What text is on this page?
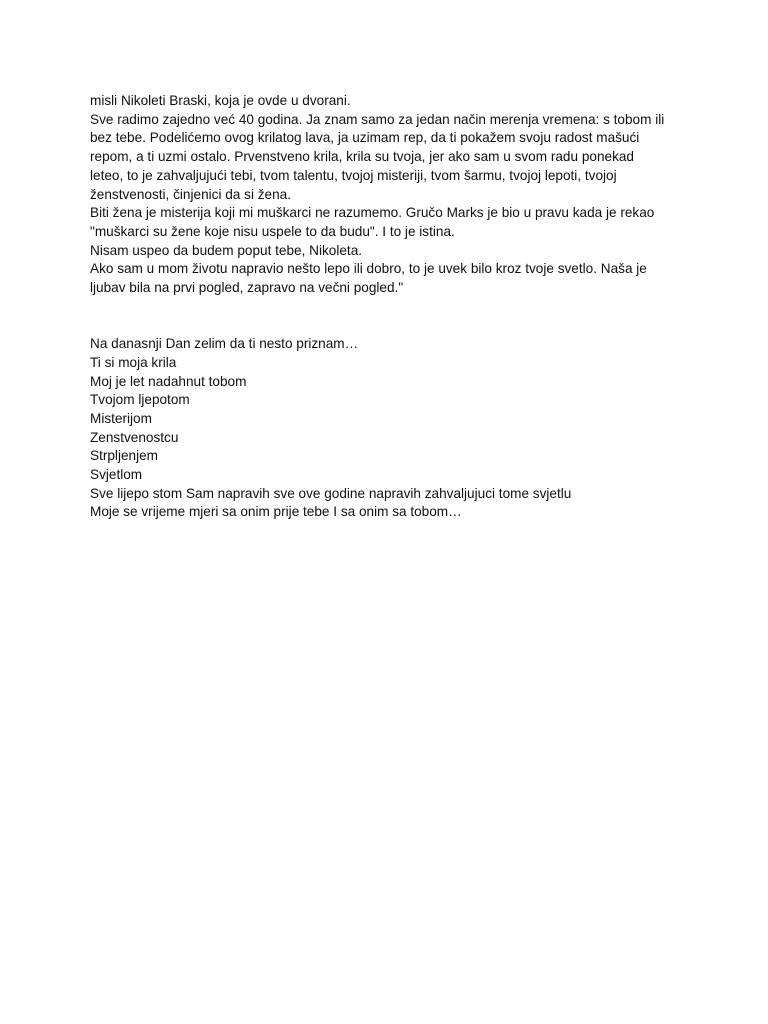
misli Nikoleti Braski, koja je ovde u dvorani.
Sve radimo zajedno već 40 godina. Ja znam samo za jedan način merenja vremena: s tobom ili
bez tebe. Podelićemo ovog krilatog lava, ja uzimam rep, da ti pokažem svoju radost mašući
repom, a ti uzmi ostalo. Prvenstveno krila, krila su tvoja, jer ako sam u svom radu ponekad
leteo, to je zahvaljujući tebi, tvom talentu, tvojoj misteriji, tvom šarmu, tvojoj lepoti, tvojoj
ženstvenosti, činjenici da si žena.
Biti žena je misterija koji mi muškarci ne razumemo. Gručo Marks je bio u pravu kada je rekao
"muškarci su žene koje nisu uspele to da budu". I to je istina.
Nisam uspeo da budem poput tebe, Nikoleta.
Ako sam u mom životu napravio nešto lepo ili dobro, to je uvek bilo kroz tvoje svetlo. Naša je
ljubav bila na prvi pogled, zapravo na večni pogled."
Na danasnji Dan zelim da ti nesto priznam…
Ti si moja krila
Moj je let nadahnut tobom
Tvojom ljepotom
Misterijom
Zenstvenostcu
Strpljenjem
Svjetlom
Sve lijepo stom Sam napravih sve ove godine napravih zahvaljujuci tome svjetlu
Moje se vrijeme mjeri sa onim prije tebe I sa onim sa tobom…
